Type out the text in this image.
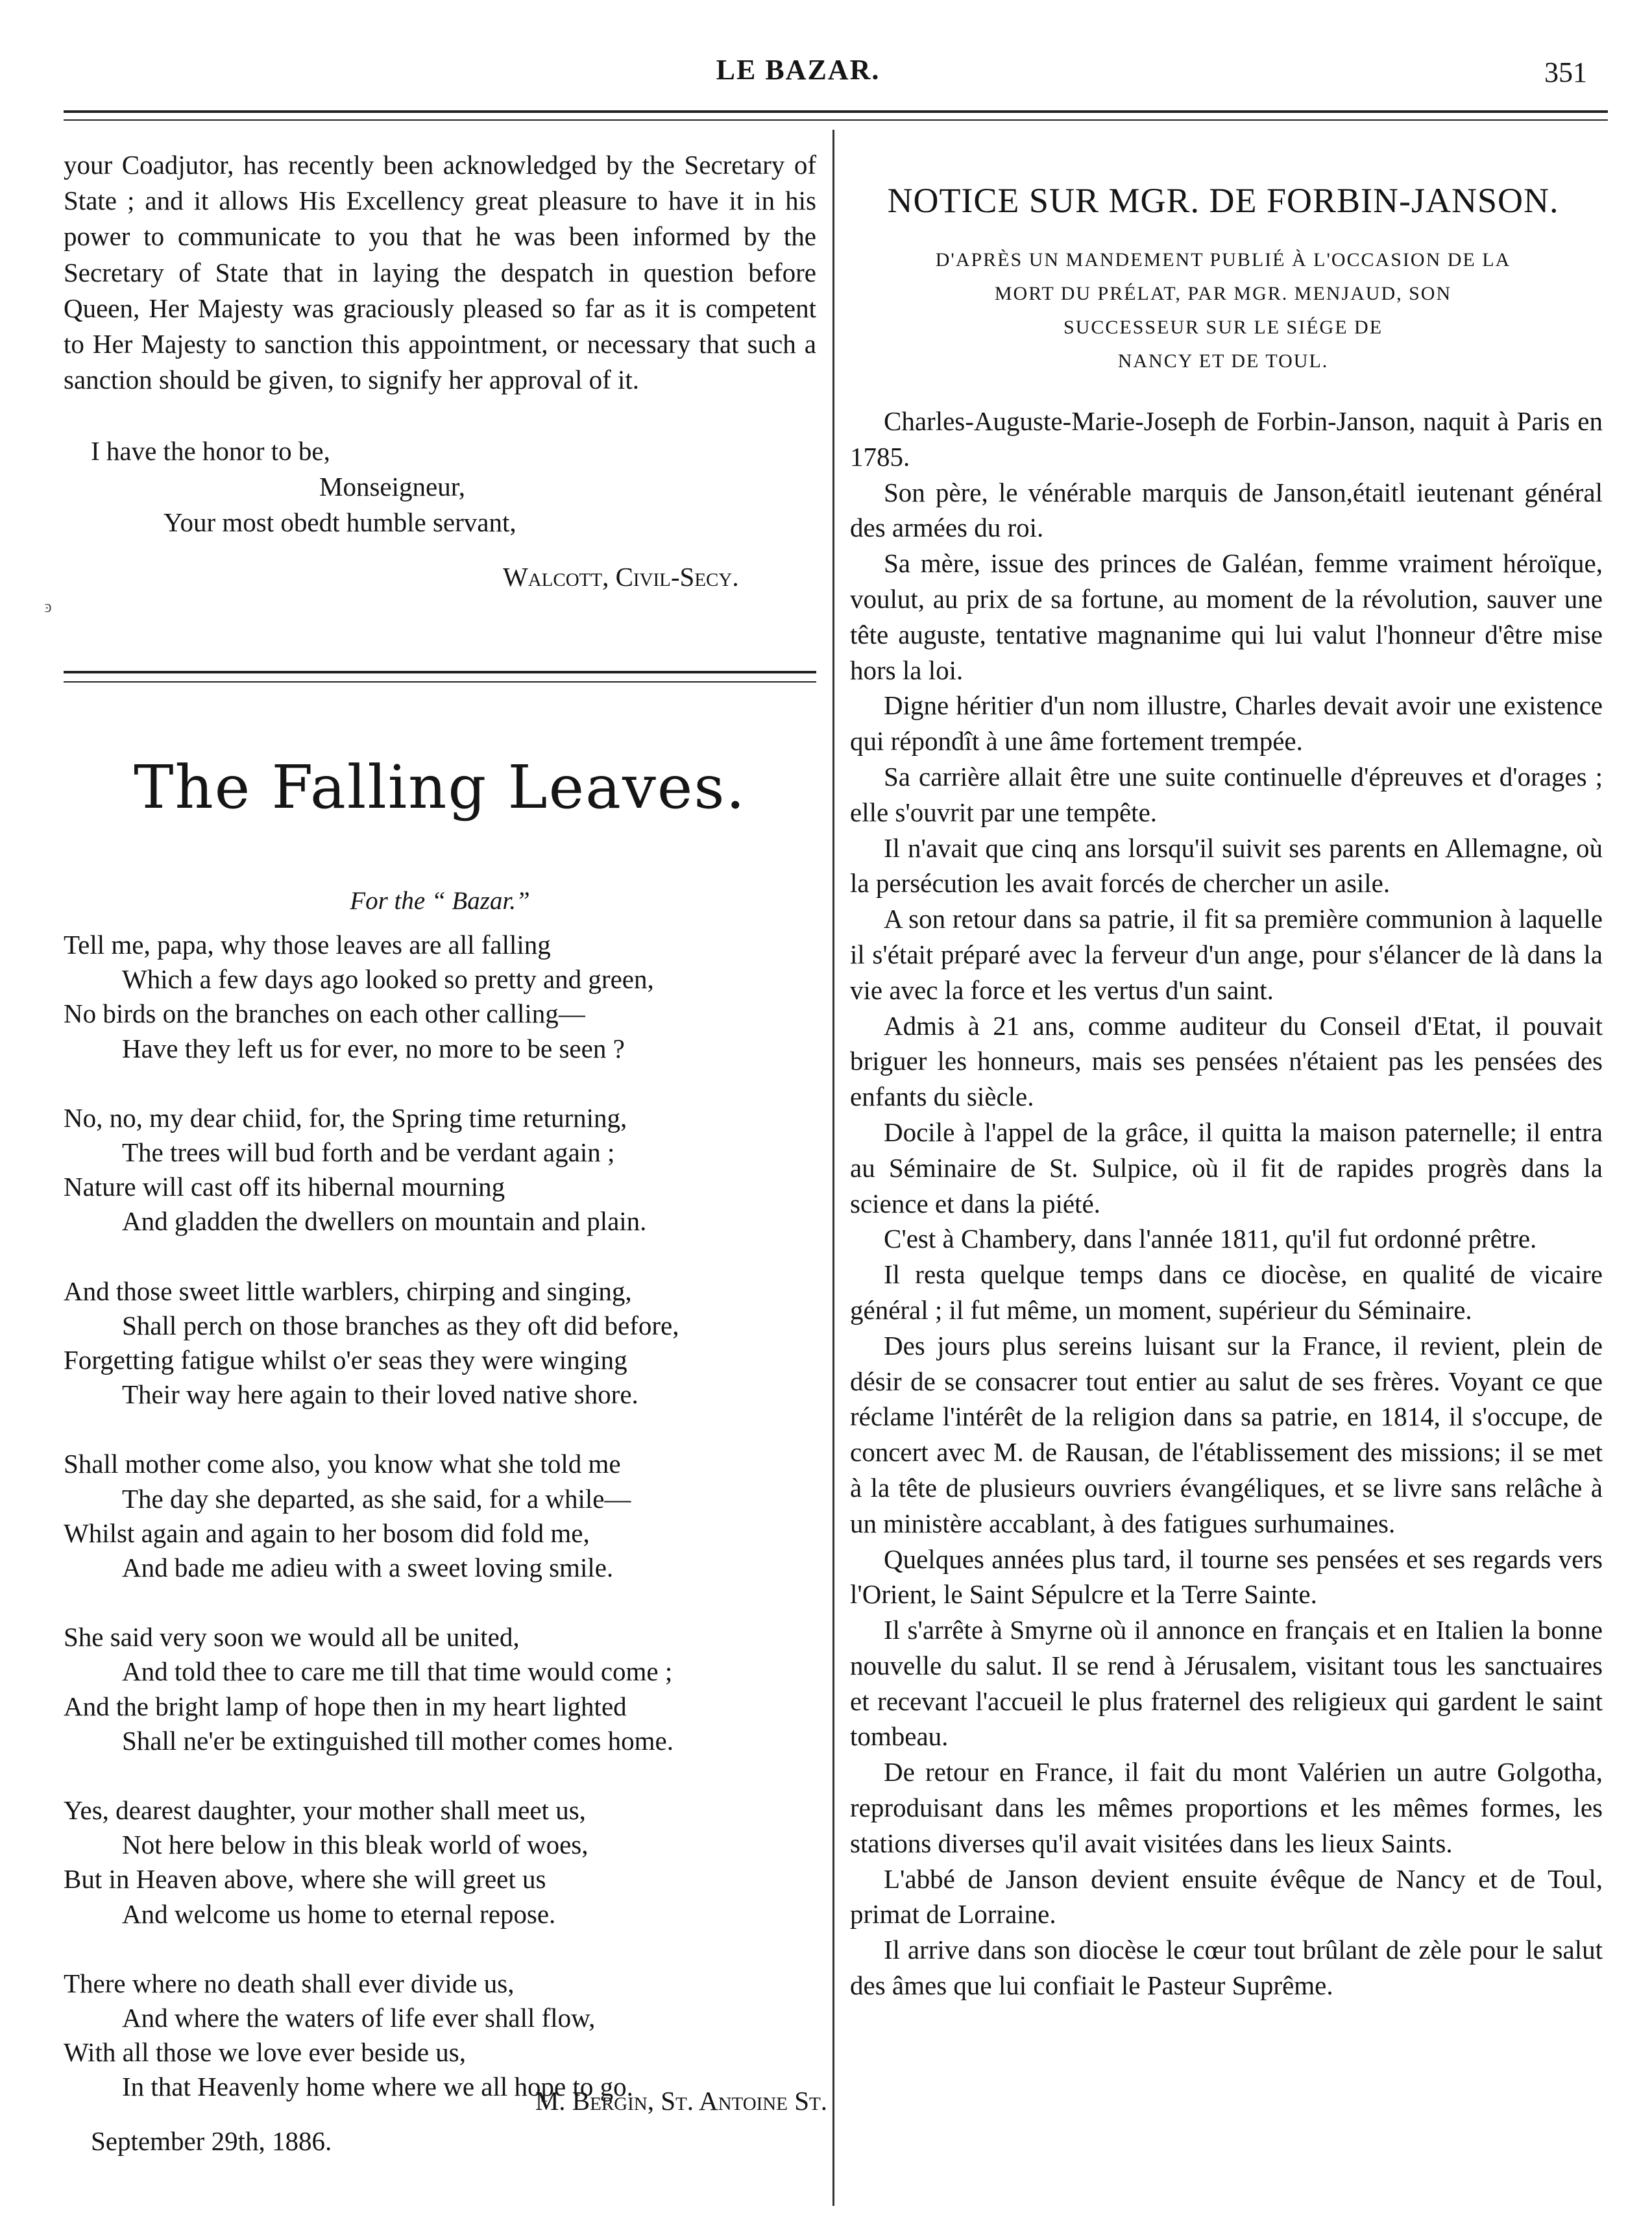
LE BAZAR.	351

your Coadjutor, has recently been acknowledged by the Secretary of State ; and it allows His Excellency great pleasure to have it in his power to communicate to you that he was been informed by the Secretary of State that in laying the despatch in question before Queen, Her Majesty was graciously pleased so far as it is competent to Her Majesty to sanction this appointment, or necessary that such a sanction should be given, to signify her approval of it.

I have the honor to be,
Monseigneur,
Your most obedt humble servant,
Walcott, Civil-Secy.
ͽ
The Falling Leaves.
For the “ Bazar.”
Tell me, papa, why those leaves are all falling
Which a few days ago looked so pretty and green,
No birds on the branches on each other calling—
Have they left us for ever, no more to be seen ?
No, no, my dear chiid, for, the Spring time returning,
The trees will bud forth and be verdant again ;
Nature will cast off its hibernal mourning
And gladden the dwellers on mountain and plain.
And those sweet little warblers, chirping and singing,
Shall perch on those branches as they oft did before,
Forgetting fatigue whilst o'er seas they were winging
Their way here again to their loved native shore.
Shall mother come also, you know what she told me
The day she departed, as she said, for a while—
Whilst again and again to her bosom did fold me,
And bade me adieu with a sweet loving smile.
She said very soon we would all be united,
And told thee to care me till that time would come ;
And the bright lamp of hope then in my heart lighted
Shall ne'er be extinguished till mother comes home.
Yes, dearest daughter, your mother shall meet us,
Not here below in this bleak world of woes,
But in Heaven above, where she will greet us
And welcome us home to eternal repose.
There where no death shall ever divide us,
And where the waters of life ever shall flow,
With all those we love ever beside us,
In that Heavenly home where we all hope to go.
M. Bergin, St. Antoine St.
September 29th, 1886.
NOTICE SUR MGR. DE FORBIN-JANSON.
D'APRÈS UN MANDEMENT PUBLIÉ À L'OCCASION DE LA
MORT DU PRÉLAT, PAR MGR. MENJAUD, SON
SUCCESSEUR SUR LE SIÉGE DE
NANCY ET DE TOUL.

Charles-Auguste-Marie-Joseph de Forbin-Janson, naquit à Paris en 1785.

Son père, le vénérable marquis de Janson,étaitl ieutenant général des armées du roi.

Sa mère, issue des princes de Galéan, femme vraiment héroïque, voulut, au prix de sa fortune, au moment de la révolution, sauver une tête auguste, tentative magnanime qui lui valut l'honneur d'être mise hors la loi.

Digne héritier d'un nom illustre, Charles devait avoir une existence qui répondît à une âme fortement trempée.

Sa carrière allait être une suite continuelle d'épreuves et d'orages ; elle s'ouvrit par une tempête.

Il n'avait que cinq ans lorsqu'il suivit ses parents en Allemagne, où la persécution les avait forcés de chercher un asile.

A son retour dans sa patrie, il fit sa première communion à laquelle il s'était préparé avec la ferveur d'un ange, pour s'élancer de là dans la vie avec la force et les vertus d'un saint.

Admis à 21 ans, comme auditeur du Conseil d'Etat, il pouvait briguer les honneurs, mais ses pensées n'étaient pas les pensées des enfants du siècle.

Docile à l'appel de la grâce, il quitta la maison paternelle; il entra au Séminaire de St. Sulpice, où il fit de rapides progrès dans la science et dans la piété.

C'est à Chambery, dans l'année 1811, qu'il fut ordonné prêtre.

Il resta quelque temps dans ce diocèse, en qualité de vicaire général ; il fut même, un moment, supérieur du Séminaire.

Des jours plus sereins luisant sur la France, il revient, plein de désir de se consacrer tout entier au salut de ses frères. Voyant ce que réclame l'intérêt de la religion dans sa patrie, en 1814, il s'occupe, de concert avec M. de Rausan, de l'établissement des missions; il se met à la tête de plusieurs ouvriers évangéliques, et se livre sans relâche à un ministère accablant, à des fatigues surhumaines.

Quelques années plus tard, il tourne ses pensées et ses regards vers l'Orient, le Saint Sépulcre et la Terre Sainte.

Il s'arrête à Smyrne où il annonce en français et en Italien la bonne nouvelle du salut. Il se rend à Jérusalem, visitant tous les sanctuaires et recevant l'accueil le plus fraternel des religieux qui gardent le saint tombeau.

De retour en France, il fait du mont Valérien un autre Golgotha, reproduisant dans les mêmes proportions et les mêmes formes, les stations diverses qu'il avait visitées dans les lieux Saints.

L'abbé de Janson devient ensuite évêque de Nancy et de Toul, primat de Lorraine.

Il arrive dans son diocèse le cœur tout brûlant de zèle pour le salut des âmes que lui confiait le Pasteur Suprême.
